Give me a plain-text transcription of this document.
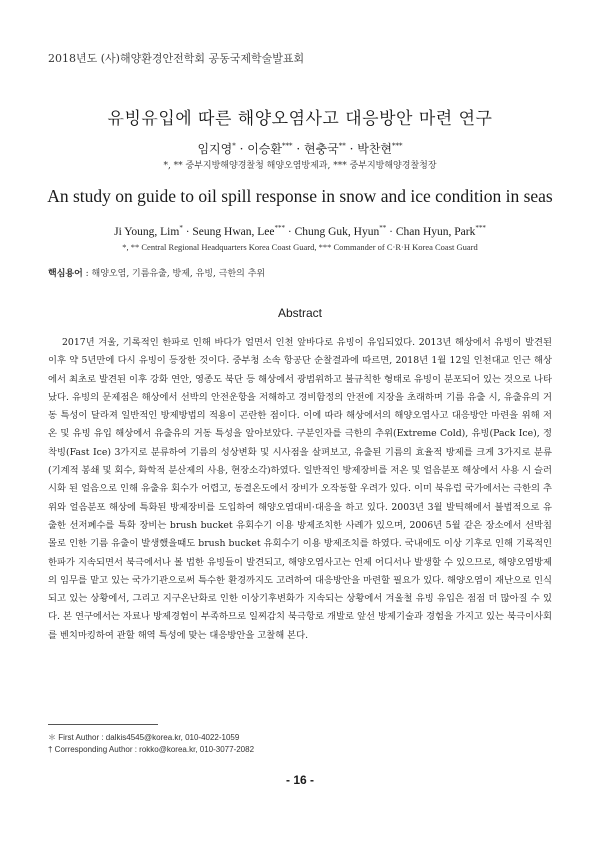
2018년도 (사)해양환경안전학회 공동국제학술발표회
유빙유입에 따른 해양오염사고 대응방안 마련 연구
임지영* · 이승환*** · 현충국** · 박찬현***
*, ** 중부지방해양경찰청 해양오염방제과, *** 중부지방해양경찰청장
An study on guide to oil spill response in snow and ice condition in seas
Ji Young, Lim* · Seung Hwan, Lee*** · Chung Guk, Hyun** · Chan Hyun, Park***
*, ** Central Regional Headquarters Korea Coast Guard, *** Commander of C·R·H Korea Coast Guard
핵심용어 : 해양오염, 기름유출, 방제, 유빙, 극한의 추위
Abstract
2017년 겨울, 기록적인 한파로 인해 바다가 얼면서 인천 앞바다로 유빙이 유입되었다. 2013년 해상에서 유빙이 발견된 이후 약 5년만에 다시 유빙이 등장한 것이다. 중부청 소속 항공단 순찰결과에 따르면, 2018년 1월 12일 인천대교 인근 해상에서 최초로 발견된 이후 강화 연안, 영종도 북단 등 해상에서 광범위하고 불규칙한 형태로 유빙이 분포되어 있는 것으로 나타났다. 유빙의 문제점은 해상에서 선박의 안전운항을 저해하고 경비함정의 안전에 지장을 초래하며 기름 유출 시, 유출유의 거동 특성이 달라져 일반적인 방제방법의 적용이 곤란한 점이다. 이에 따라 해상에서의 해양오염사고 대응방안 마련을 위해 저온 및 유빙 유입 해상에서 유출유의 거동 특성을 알아보았다. 구분인자를 극한의 추위(Extreme Cold), 유빙(Pack Ice), 정착빙(Fast Ice) 3가지로 분류하여 기름의 성상변화 및 시사점을 살펴보고, 유출된 기름의 효율적 방제를 크게 3가지로 분류(기계적 봉쇄 및 회수, 화학적 분산제의 사용, 현장소각)하였다. 일반적인 방제장비를 저온 및 얼음분포 해상에서 사용 시 슬러시화 된 얼음으로 인해 유출유 회수가 어렵고, 동결온도에서 장비가 오작동할 우려가 있다. 이미 북유럽 국가에서는 극한의 추위와 얼음분포 해상에 특화된 방제장비를 도입하여 해양오염대비·대응을 하고 있다. 2003년 3월 발틱해에서 불법적으로 유출한 선저폐수를 특화 장비는 brush bucket 유회수기 이용 방제조치한 사례가 있으며, 2006년 5월 같은 장소에서 선박침몰로 인한 기름 유출이 발생했을때도 brush bucket 유회수기 이용 방제조치를 하였다. 국내에도 이상 기후로 인해 기록적인 한파가 지속되면서 북극에서나 볼 법한 유빙들이 발견되고, 해양오염사고는 언제 어디서나 발생할 수 있으므로, 해양오염방제의 임무를 맡고 있는 국가기관으로써 특수한 환경까지도 고려하여 대응방안을 마련할 필요가 있다. 해양오염이 재난으로 인식되고 있는 상황에서, 그리고 지구온난화로 인한 이상기후변화가 지속되는 상황에서 겨울철 유빙 유입은 점점 더 많아질 수 있다. 본 연구에서는 자료나 방제경험이 부족하므로 일찌감치 북극항로 개발로 앞선 방제기술과 경험을 가지고 있는 북극이사회를 벤치마킹하여 관할 해역 특성에 맞는 대응방안을 고찰해 본다.
＊ First Author : dalkis4545@korea.kr, 010-4022-1059
† Corresponding Author : rokko@korea.kr, 010-3077-2082
- 16 -
